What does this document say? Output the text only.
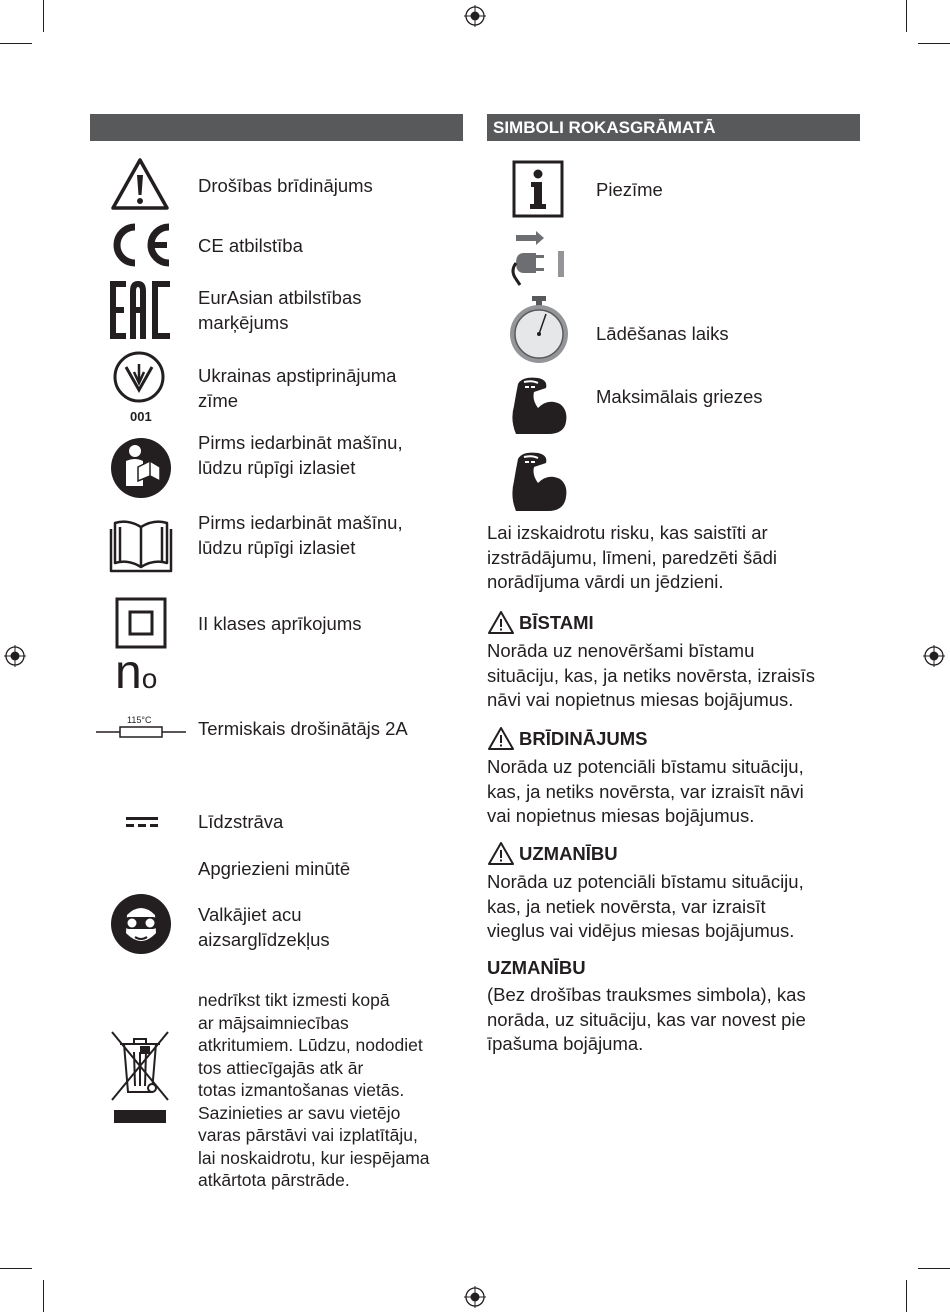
Drošības brīdinājums
CE atbilstība
EurAsian atbilstības
marķējums
001
Ukrainas apstiprinājuma
zīme
Pirms iedarbināt mašīnu,
lūdzu rūpīgi izlasiet
Pirms iedarbināt mašīnu,
lūdzu rūpīgi izlasiet
II klases aprīkojums
no
115°C	Termiskais drošinātājs 2A
Līdzstrāva
Apgriezieni minūtē
Valkājiet acu
aizsarglīdzekļus
nedrīkst tikt izmesti kopā
ar mājsaimniecības
atkritumiem. Lūdzu, nododiet
tos attiecīgajās atk ār
totas izmantošanas vietās.
Sazinieties ar savu vietējo
varas pārstāvi vai izplatītāju,
lai noskaidrotu, kur iespējama
atkārtota pārstrāde.
SIMBOLI ROKASGRĀMATĀ
Piezīme
Lādēšanas laiks
Maksimālais griezes
Lai izskaidrotu risku, kas saistīti ar
izstrādājumu, līmeni, paredzēti šādi
norādījuma vārdi un jēdzieni.
BĪSTAMI
Norāda uz nenovēršami bīstamu
situāciju, kas, ja netiks novērsta, izraisīs
nāvi vai nopietnus miesas bojājumus.
BRĪDINĀJUMS
Norāda uz potenciāli bīstamu situāciju,
kas, ja netiks novērsta, var izraisīt nāvi
vai nopietnus miesas bojājumus.
UZMANĪBU
Norāda uz potenciāli bīstamu situāciju,
kas, ja netiek novērsta, var izraisīt
vieglus vai vidējus miesas bojājumus.
UZMANĪBU
(Bez drošības trauksmes simbola), kas
norāda, uz situāciju, kas var novest pie
īpašuma bojājuma.
